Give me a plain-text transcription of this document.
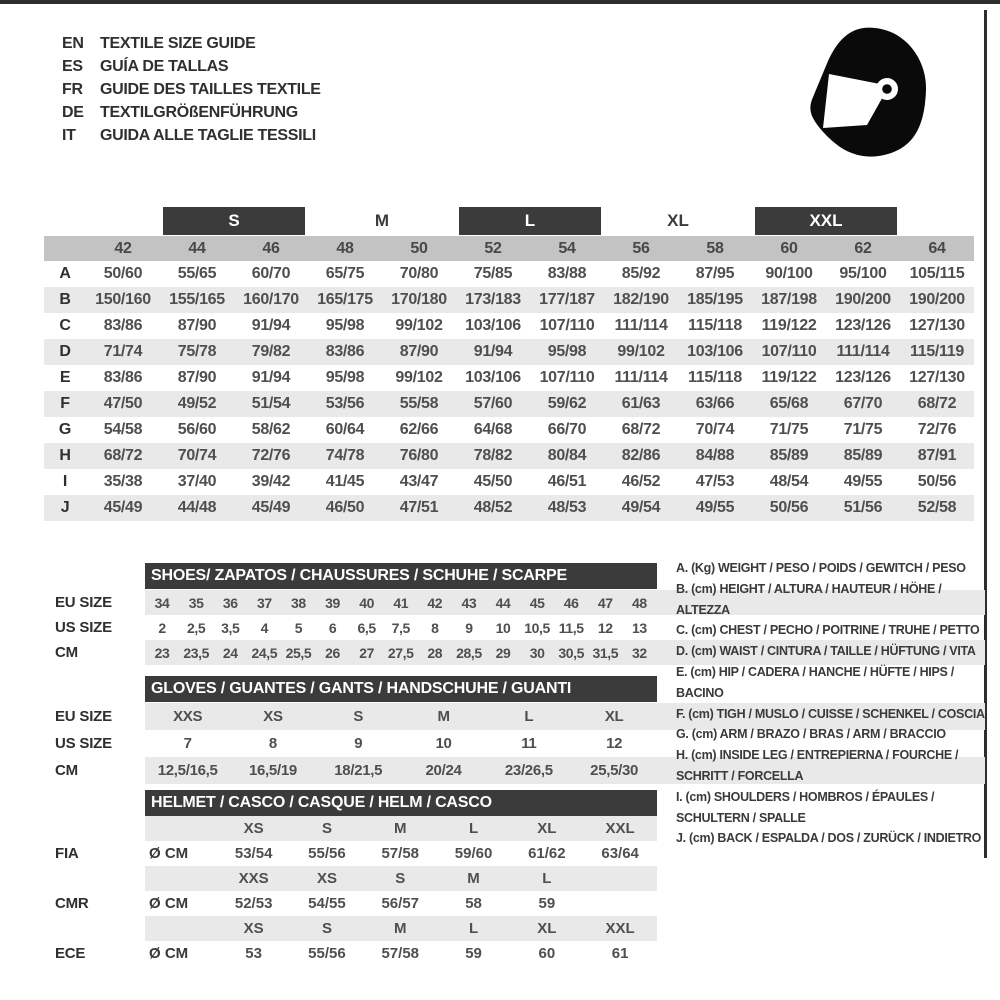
EN	TEXTILE SIZE GUIDE
ES	GUÍA DE TALLAS
FR	GUIDE DES TAILLES TEXTILE
DE	TEXTILGRÖßENFÜHRUNG
IT	GUIDA ALLE TAGLIE TESSILI
S	M	L	XL	XXL
42	44	46	48	50	52	54	56	58	60	62	64
A	50/60	55/65	60/70	65/75	70/80	75/85	83/88	85/92	87/95	90/100	95/100	105/115
B	150/160	155/165	160/170	165/175	170/180	173/183	177/187	182/190	185/195	187/198	190/200	190/200
C	83/86	87/90	91/94	95/98	99/102	103/106	107/110	111/114	115/118	119/122	123/126	127/130
D	71/74	75/78	79/82	83/86	87/90	91/94	95/98	99/102	103/106	107/110	111/114	115/119
E	83/86	87/90	91/94	95/98	99/102	103/106	107/110	111/114	115/118	119/122	123/126	127/130
F	47/50	49/52	51/54	53/56	55/58	57/60	59/62	61/63	63/66	65/68	67/70	68/72
G	54/58	56/60	58/62	60/64	62/66	64/68	66/70	68/72	70/74	71/75	71/75	72/76
H	68/72	70/74	72/76	74/78	76/80	78/82	80/84	82/86	84/88	85/89	85/89	87/91
I	35/38	37/40	39/42	41/45	43/47	45/50	46/51	46/52	47/53	48/54	49/55	50/56
J	45/49	44/48	45/49	46/50	47/51	48/52	48/53	49/54	49/55	50/56	51/56	52/58
SHOES/ ZAPATOS / CHAUSSURES / SCHUHE / SCARPE
EU SIZE	34	35	36	37	38	39	40	41	42	43	44	45	46	47	48
US SIZE	2	2,5	3,5	4	5	6	6,5	7,5	8	9	10 10,5 11,5	12	13
CM	23 23,5 24 24,5 25,5 26	27 27,5 28 28,5 29	30 30,5 31,5 32
GLOVES / GUANTES / GANTS / HANDSCHUHE / GUANTI
EU SIZE	XXS	XS	S	M	L	XL
US SIZE	7	8	9	10	11	12
CM	12,5/16,5	16,5/19	18/21,5	20/24	23/26,5	25,5/30
HELMET / CASCO / CASQUE / HELM / CASCO
XS	S	M	L	XL	XXL
FIA	Ø CM	53/54	55/56	57/58	59/60	61/62	63/64
XXS	XS	S	M	L
CMR	Ø CM	52/53	54/55	56/57	58	59
XS	S	M	L	XL	XXL
ECE	Ø CM	53	55/56	57/58	59	60	61
A. (Kg) WEIGHT / PESO / POIDS / GEWITCH / PESO
B. (cm) HEIGHT / ALTURA / HAUTEUR / HÖHE / ALTEZZA
C. (cm) CHEST / PECHO / POITRINE / TRUHE / PETTO
D. (cm) WAIST / CINTURA / TAILLE / HÜFTUNG / VITA
E. (cm) HIP / CADERA / HANCHE / HÜFTE / HIPS / BACINO
F. (cm) TIGH / MUSLO / CUISSE / SCHENKEL / COSCIA
G. (cm) ARM / BRAZO / BRAS / ARM / BRACCIO
H. (cm) INSIDE LEG / ENTREPIERNA / FOURCHE / SCHRITT / FORCELLA
I. (cm) SHOULDERS / HOMBROS / ÉPAULES / SCHULTERN / SPALLE
J. (cm) BACK / ESPALDA / DOS / ZURÜCK / INDIETRO
